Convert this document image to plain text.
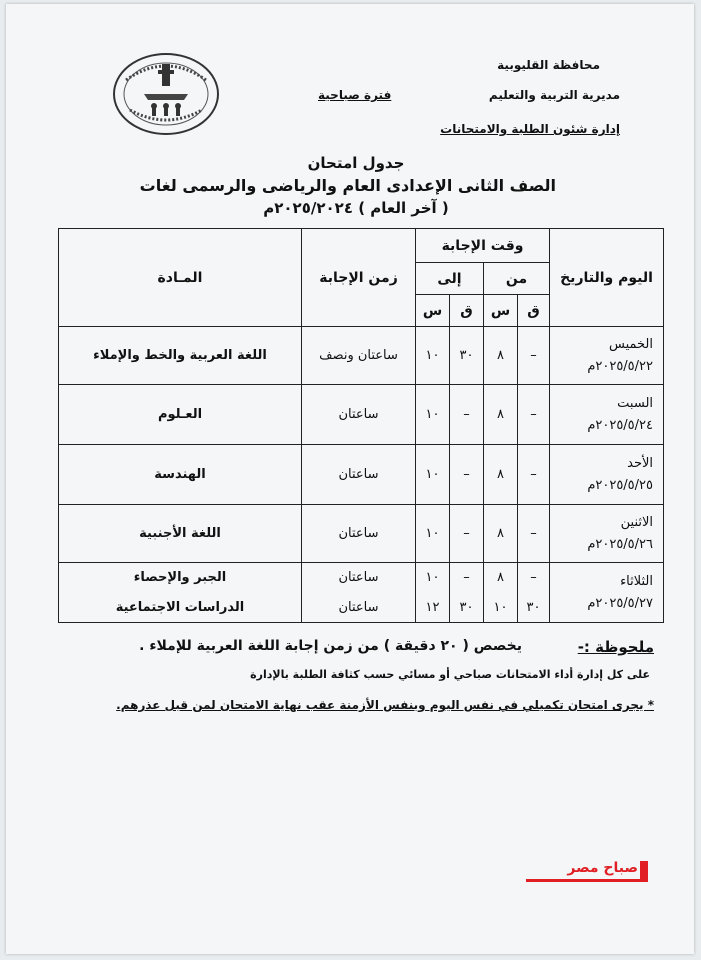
محافظة القليوبية
مديرية التربية والتعليم
إدارة شئون الطلبة والامتحانات
فترة صباحية
جدول امتحان
الصف الثانى الإعدادى العام والرياضى والرسمى لغات
( آخر العام ) ٢٠٢٥/٢٠٢٤م
اليوم والتاريخ	وقت الإجابة				زمن الإجابة	المـادة
	من		إلى			
	ق	س	ق	س		
الخميس
٢٠٢٥/٥/٢٢م	–	٨	٣٠	١٠	ساعتان ونصف	اللغة العربية والخط والإملاء
السبت
٢٠٢٥/٥/٢٤م	–	٨	–	١٠	ساعتان	العـلوم
الأحد
٢٠٢٥/٥/٢٥م	–	٨	–	١٠	ساعتان	الهندسة
الاثنين
٢٠٢٥/٥/٢٦م	–	٨	–	١٠	ساعتان	اللغة الأجنبية
الثلاثاء
٢٠٢٥/٥/٢٧م	–	٨	–	١٠	ساعتان	الجبر والإحصاء
	٣٠	١٠	٣٠	١٢	ساعتان	الدراسات الاجتماعية
ملحوظة :-
يخصص ( ٢٠ دقيقة ) من زمن إجابة اللغة العربية للإملاء .
على كل إدارة أداء الامتحانات صباحي أو مسائي حسب كثافة الطلبة بالإدارة
* يجرى امتحان تكميلي في نفس اليوم وبنفس الأزمنة عقب نهاية الامتحان لمن قبل عذرهم.
صباح مصر
